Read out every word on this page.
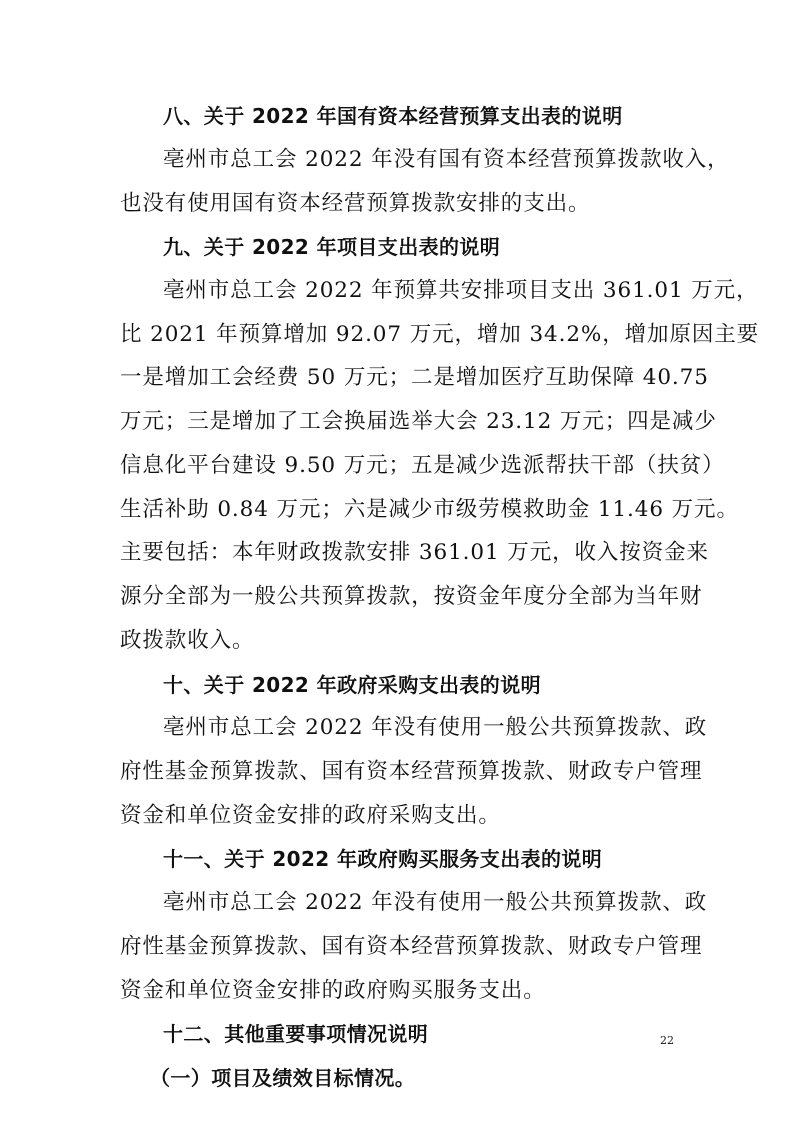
八、关于 2022 年国有资本经营预算支出表的说明
亳州市总工会 2022 年没有国有资本经营预算拨款收入，
也没有使用国有资本经营预算拨款安排的支出。
九、关于 2022 年项目支出表的说明
亳州市总工会 2022 年预算共安排项目支出 361.01 万元，
比 2021 年预算增加 92.07 万元，增加 34.2%，增加原因主要
一是增加工会经费 50 万元；二是增加医疗互助保障 40.75
万元；三是增加了工会换届选举大会 23.12 万元；四是减少
信息化平台建设 9.50 万元；五是减少选派帮扶干部（扶贫）
生活补助 0.84 万元；六是减少市级劳模救助金 11.46 万元。
主要包括：本年财政拨款安排 361.01 万元，收入按资金来
源分全部为一般公共预算拨款，按资金年度分全部为当年财
政拨款收入。
十、关于 2022 年政府采购支出表的说明
亳州市总工会 2022 年没有使用一般公共预算拨款、政
府性基金预算拨款、国有资本经营预算拨款、财政专户管理
资金和单位资金安排的政府采购支出。
十一、关于 2022 年政府购买服务支出表的说明
亳州市总工会 2022 年没有使用一般公共预算拨款、政
府性基金预算拨款、国有资本经营预算拨款、财政专户管理
资金和单位资金安排的政府购买服务支出。
十二、其他重要事项情况说明
（一）项目及绩效目标情况。
22
